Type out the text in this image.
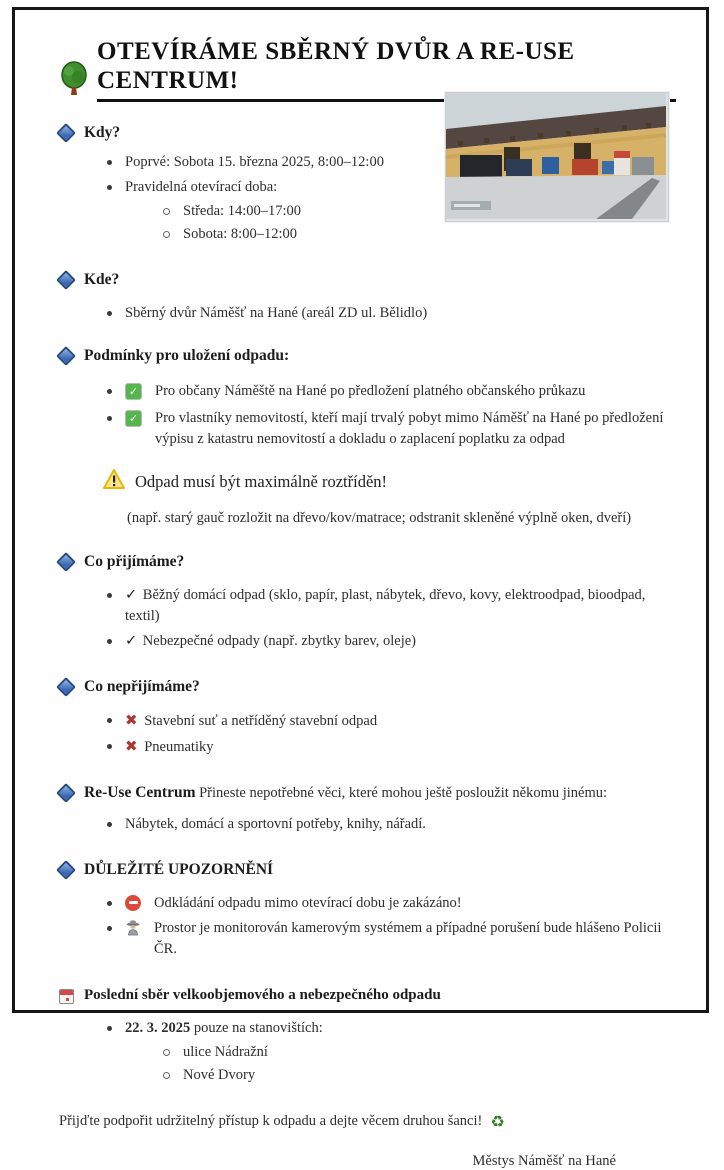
OTEVÍRÁME SBĚRNÝ DVŮR A RE-USE CENTRUM!
Kdy?
Poprvé: Sobota 15. března 2025, 8:00–12:00
Pravidelná otevírací doba:
Středa: 14:00–17:00
Sobota: 8:00–12:00
Kde?
Sběrný dvůr Náměšť na Hané (areál ZD ul. Bělidlo)
Podmínky pro uložení odpadu:
✓ Pro občany Náměště na Hané po předložení platného občanského průkazu
✓ Pro vlastníky nemovitostí, kteří mají trvalý pobyt mimo Náměšť na Hané po předložení výpisu z katastru nemovitostí a dokladu o zaplacení poplatku za odpad
Odpad musí být maximálně roztříděn!
(např. starý gauč rozložit na dřevo/kov/matrace; odstranit skleněné výplně oken, dveří)
Co přijímáme?
✓ Běžný domácí odpad (sklo, papír, plast, nábytek, dřevo, kovy, elektroodpad, bioodpad, textil)
✓ Nebezpečné odpady (např. zbytky barev, oleje)
Co nepřijímáme?
✖ Stavební suť a netříděný stavební odpad
✖ Pneumatiky
Re-Use Centrum Přineste nepotřebné věci, které mohou ještě posloužit někomu jinému:
Nábytek, domácí a sportovní potřeby, knihy, nářadí.
DŮLEŽITÉ UPOZORNĚNÍ
Odkládání odpadu mimo otevírací dobu je zakázáno!
Prostor je monitorován kamerovým systémem a případné porušení bude hlášeno Policii ČR.
Poslední sběr velkoobjemového a nebezpečného odpadu
22. 3. 2025 pouze na stanovištích:
ulice Nádražní
Nové Dvory
Přijďte podpořit udržitelný přístup k odpadu a dejte věcem druhou šanci! ♻
Městys Náměšť na Hané
